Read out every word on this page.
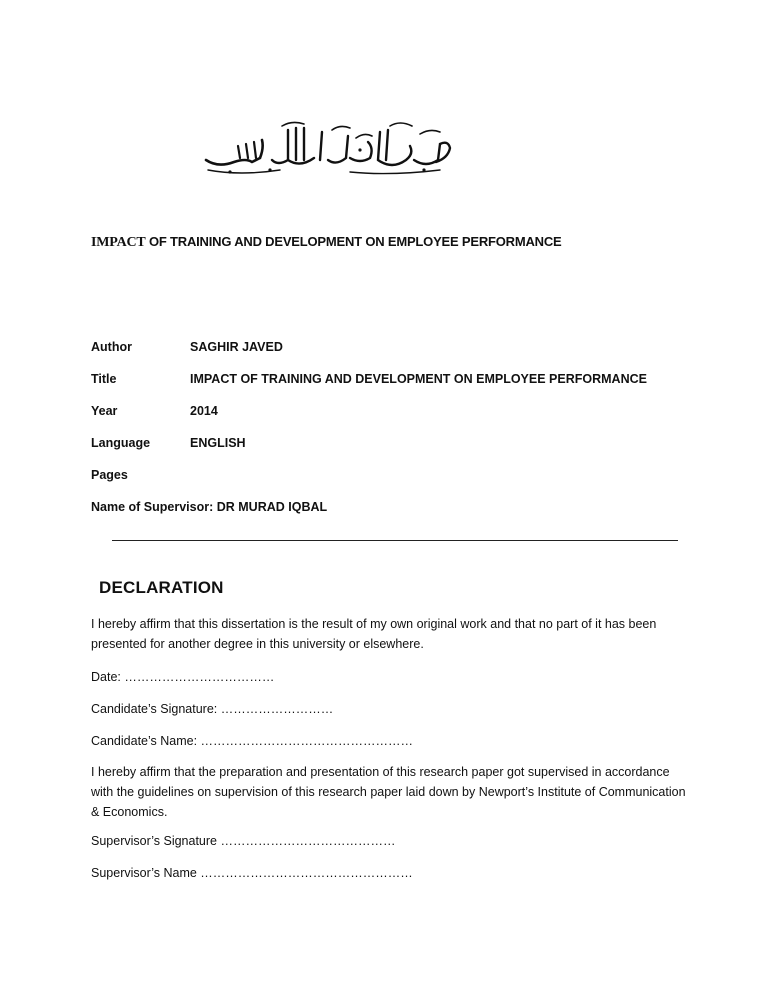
IMPACT OF TRAINING AND DEVELOPMENT ON EMPLOYEE PERFORMANCE
Author	SAGHIR JAVED
Title	IMPACT OF TRAINING AND DEVELOPMENT ON EMPLOYEE PERFORMANCE
Year	2014
Language	ENGLISH
Pages
Name of Supervisor: DR MURAD IQBAL
DECLARATION
I hereby affirm that this dissertation is the result of my own original work and that no part of it has been presented for another degree in this university or elsewhere.
Date: ………………………………
Candidate’s Signature: ………………………
Candidate’s Name: ……………………………………………
I hereby affirm that the preparation and presentation of this research paper got supervised in accordance with the guidelines on supervision of this research paper laid down by Newport’s Institute of Communication & Economics.
Supervisor’s Signature ……………………………………
Supervisor’s Name ……………………………………………
